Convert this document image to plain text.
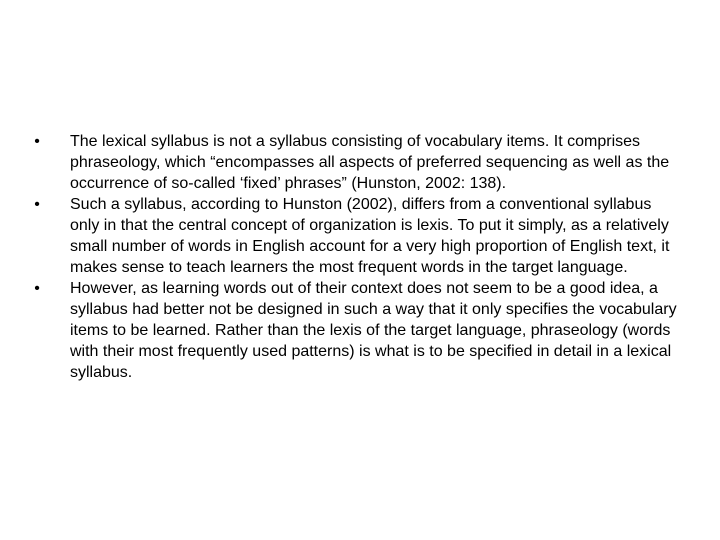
• The lexical syllabus is not a syllabus consisting of vocabulary items. It comprises phraseology, which “encompasses all aspects of preferred sequencing as well as the occurrence of so-called ‘fixed’ phrases” (Hunston, 2002: 138).
• Such a syllabus, according to Hunston (2002), differs from a conventional syllabus only in that the central concept of organization is lexis. To put it simply, as a relatively small number of words in English account for a very high proportion of English text, it makes sense to teach learners the most frequent words in the target language.
• However, as learning words out of their context does not seem to be a good idea, a syllabus had better not be designed in such a way that it only specifies the vocabulary items to be learned. Rather than the lexis of the target language, phraseology (words with their most frequently used patterns) is what is to be specified in detail in a lexical syllabus.
